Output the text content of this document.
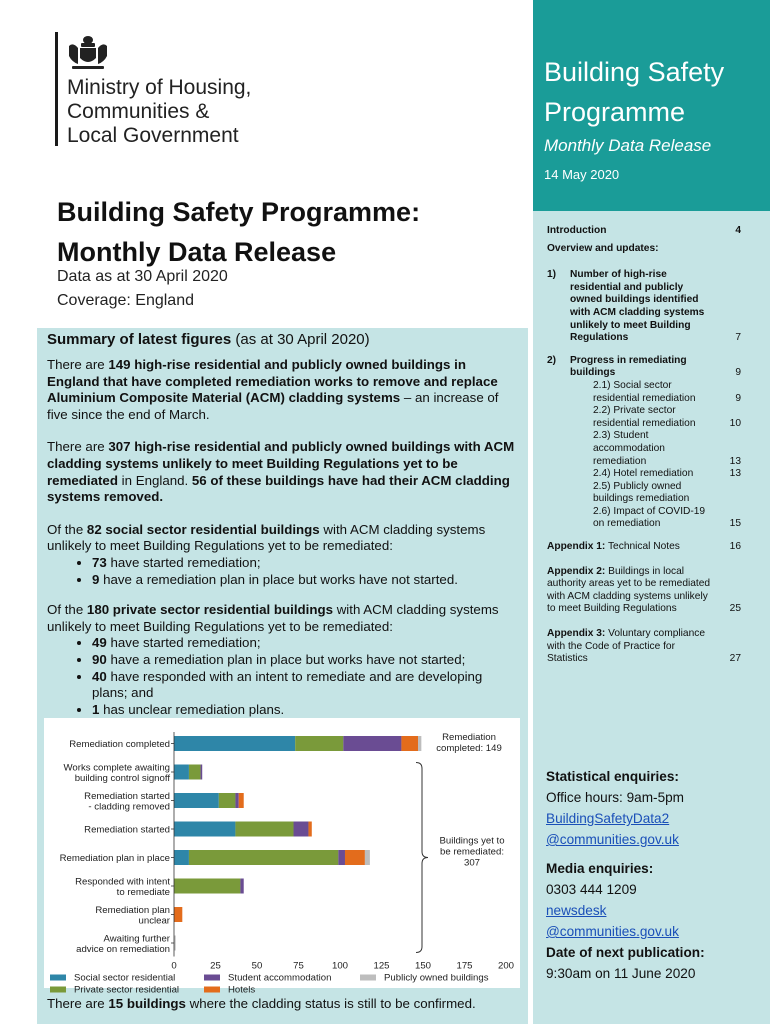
Ministry of Housing,
Communities &
Local Government
Building Safety
Programme
Monthly Data Release
14 May 2020
Introduction	4
Overview and updates:
1)	Number of high-rise residential and publicly owned buildings identified with ACM cladding systems unlikely to meet Building Regulations	7
2)	Progress in remediating buildings	9
2.1) Social sector residential remediation	9
2.2) Private sector residential remediation	10
2.3) Student accommodation remediation	13
2.4) Hotel remediation	13
2.5) Publicly owned buildings remediation
2.6) Impact of COVID-19 on remediation	15
Appendix 1: Technical Notes	16
Appendix 2: Buildings in local authority areas yet to be remediated with ACM cladding systems unlikely to meet Building Regulations	25
Appendix 3: Voluntary compliance with the Code of Practice for Statistics	27
Statistical enquiries:
Office hours: 9am-5pm
BuildingSafetyData2
@communities.gov.uk
Media enquiries:
0303 444 1209
newsdesk
@communities.gov.uk
Date of next publication:
9:30am on 11 June 2020
Building Safety Programme:
Monthly Data Release
Data as at 30 April 2020
Coverage: England
Summary of latest figures (as at 30 April 2020)

There are 149 high-rise residential and publicly owned buildings in England that have completed remediation works to remove and replace Aluminium Composite Material (ACM) cladding systems – an increase of five since the end of March.

There are 307 high-rise residential and publicly owned buildings with ACM cladding systems unlikely to meet Building Regulations yet to be remediated in England. 56 of these buildings have had their ACM cladding systems removed.

Of the 82 social sector residential buildings with ACM cladding systems unlikely to meet Building Regulations yet to be remediated:
• 73 have started remediation;
• 9 have a remediation plan in place but works have not started.
Of the 180 private sector residential buildings with ACM cladding systems unlikely to meet Building Regulations yet to be remediated:
• 49 have started remediation;
• 90 have a remediation plan in place but works have not started;
• 40 have responded with an intent to remediate and are developing plans; and
• 1 has unclear remediation plans.
Remediation completed
Works complete awaiting
building control signoff
Remediation started
- cladding removed
Remediation started
Remediation plan in place
Responded with intent
to remediate
Remediation plan
unclear
Awaiting further
advice on remediation
0	25	50	75	100	125	150	175	200
Remediation
completed: 149
Buildings yet to
be remediated:
307
Social sector residential	Student accommodation	Publicly owned buildings
Private sector residential	Hotels
There are 15 buildings where the cladding status is still to be confirmed.
